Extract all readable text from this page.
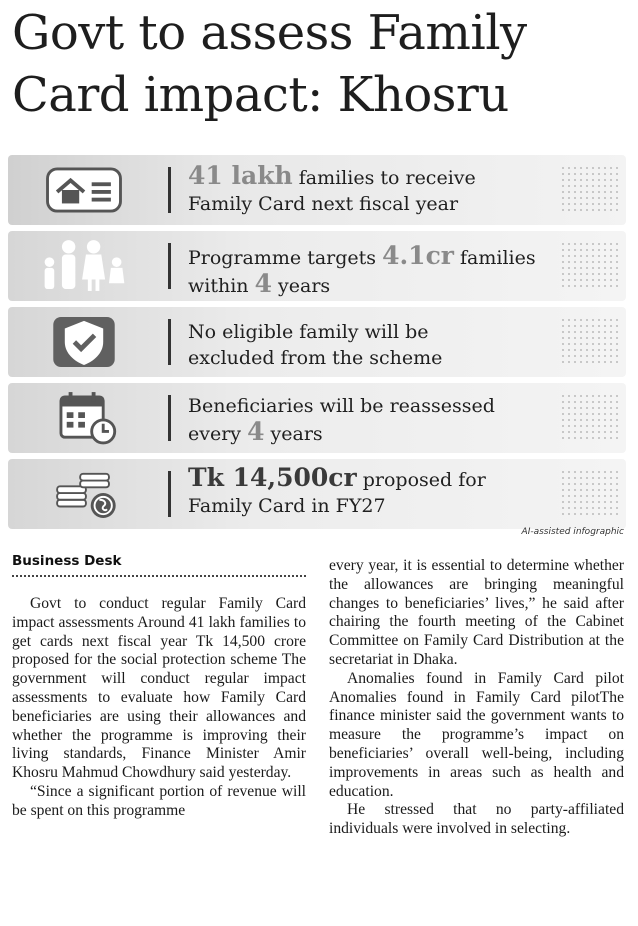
Govt to assess Family
Card impact: Khosru
41 lakh families to receive
Family Card next fiscal year
Programme targets 4.1cr families
within 4 years
No eligible family will be
excluded from the scheme
Beneficiaries will be reassessed
every 4 years
Tk 14,500cr proposed for
Family Card in FY27
AI-assisted infographic
Business Desk

Govt to conduct regular Family Card impact assessments Around 41 lakh families to get cards next fiscal year Tk 14,500 crore proposed for the social protection scheme The government will conduct regular impact assessments to evaluate how Family Card beneficiaries are using their allowances and whether the programme is improving their living standards, Finance Minister Amir Khosru Mahmud Chowdhury said yesterday.

“Since a significant portion of revenue will be spent on this programme

every year, it is essential to determine whether the allowances are bringing meaningful changes to beneficiaries’ lives,” he said after chairing the fourth meeting of the Cabinet Committee on Family Card Distribution at the secretariat in Dhaka.

Anomalies found in Family Card pilot Anomalies found in Family Card pilotThe finance minister said the government wants to measure the programme’s impact on beneficiaries’ overall well-being, including improvements in areas such as health and education.

He stressed that no party-affiliated individuals were involved in selecting.
